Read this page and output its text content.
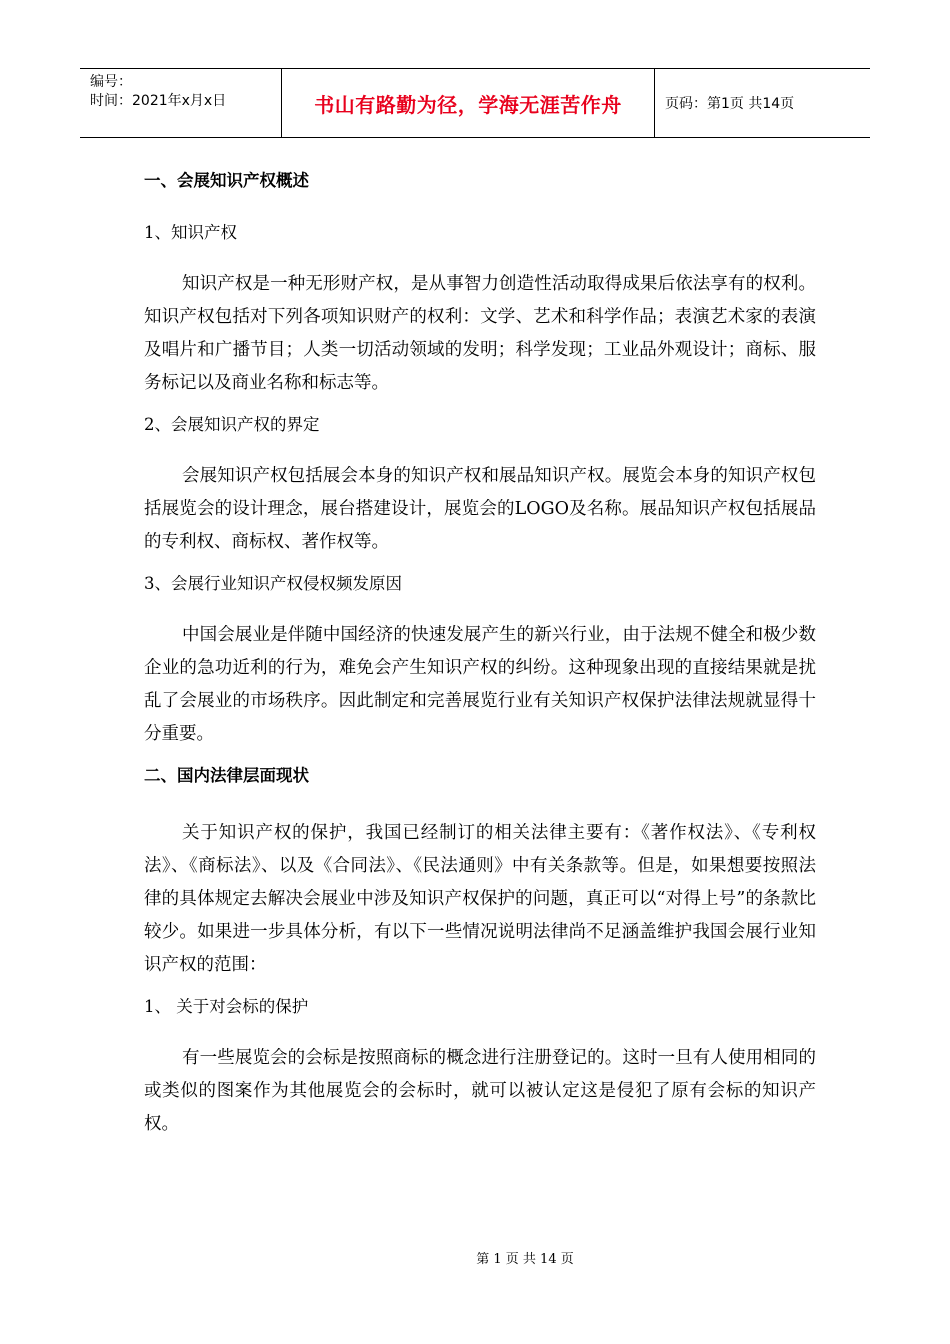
编号：
时间：2021年x月x日	书山有路勤为径，学海无涯苦作舟	页码：第1页 共14页
一、会展知识产权概述
1、知识产权

知识产权是一种无形财产权，是从事智力创造性活动取得成果后依法享有的权利。知识产权包括对下列各项知识财产的权利：文学、艺术和科学作品；表演艺术家的表演及唱片和广播节目；人类一切活动领域的发明；科学发现；工业品外观设计；商标、服务标记以及商业名称和标志等。

2、会展知识产权的界定

会展知识产权包括展会本身的知识产权和展品知识产权。展览会本身的知识产权包括展览会的设计理念，展台搭建设计，展览会的LOGO及名称。展品知识产权包括展品的专利权、商标权、著作权等。

3、会展行业知识产权侵权频发原因

中国会展业是伴随中国经济的快速发展产生的新兴行业，由于法规不健全和极少数企业的急功近利的行为，难免会产生知识产权的纠纷。这种现象出现的直接结果就是扰乱了会展业的市场秩序。因此制定和完善展览行业有关知识产权保护法律法规就显得十分重要。

二、国内法律层面现状

关于知识产权的保护，我国已经制订的相关法律主要有：《著作权法》、《专利权法》、《商标法》、以及《合同法》、《民法通则》中有关条款等。但是，如果想要按照法律的具体规定去解决会展业中涉及知识产权保护的问题，真正可以“对得上号”的条款比较少。如果进一步具体分析，有以下一些情况说明法律尚不足涵盖维护我国会展行业知识产权的范围：

1、 关于对会标的保护

有一些展览会的会标是按照商标的概念进行注册登记的。这时一旦有人使用相同的或类似的图案作为其他展览会的会标时，就可以被认定这是侵犯了原有会标的知识产权。

第 1 页 共 14 页
